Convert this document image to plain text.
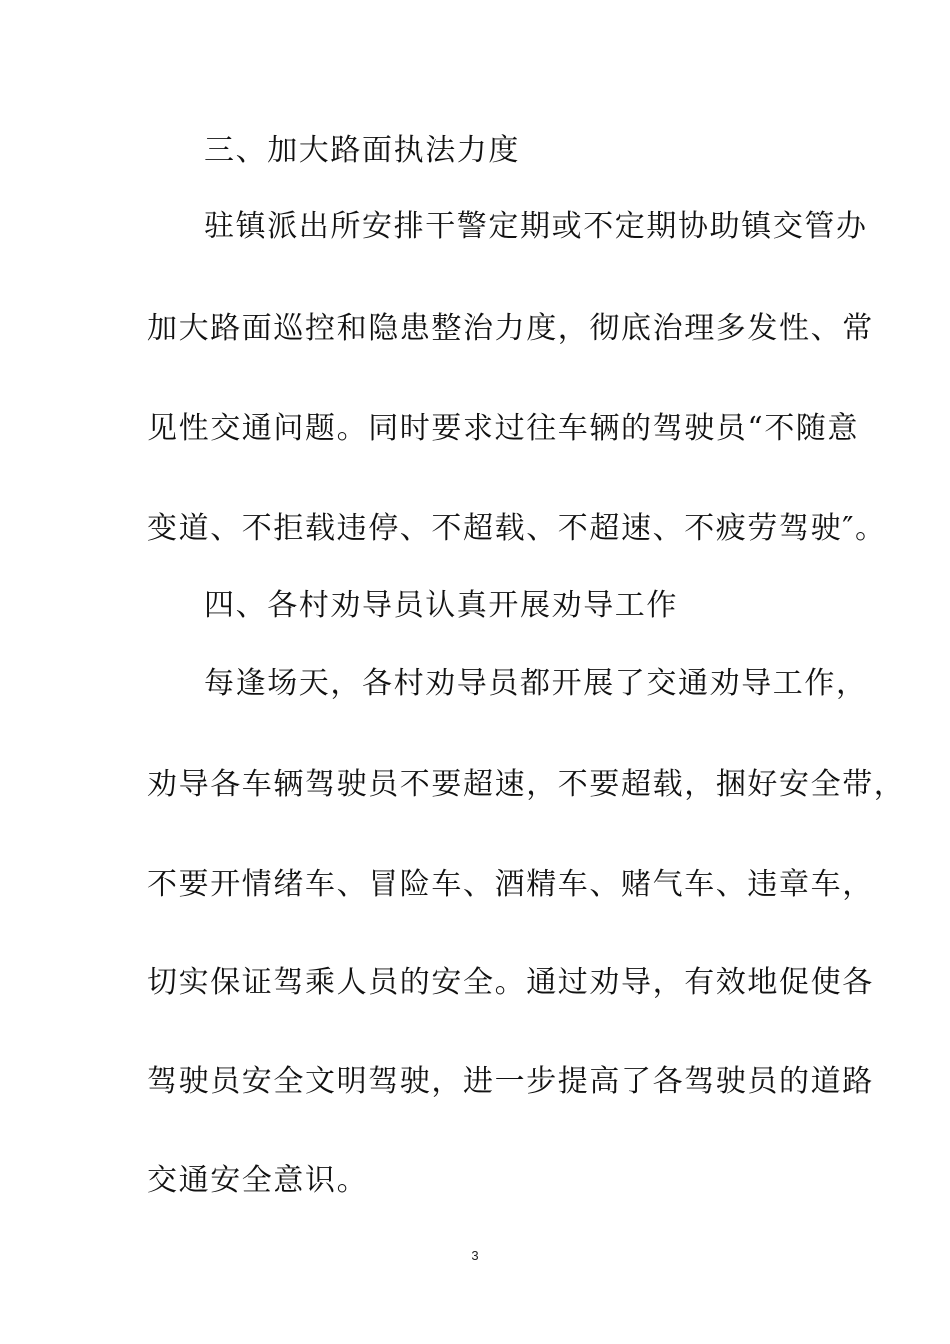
三、加大路面执法力度
驻镇派出所安排干警定期或不定期协助镇交管办
加大路面巡控和隐患整治力度，彻底治理多发性、常
见性交通问题。同时要求过往车辆的驾驶员“不随意
变道、不拒载违停、不超载、不超速、不疲劳驾驶″。
四、各村劝导员认真开展劝导工作
每逢场天，各村劝导员都开展了交通劝导工作，
劝导各车辆驾驶员不要超速，不要超载，捆好安全带，
不要开情绪车、冒险车、酒精车、赌气车、违章车，
切实保证驾乘人员的安全。通过劝导，有效地促使各
驾驶员安全文明驾驶，进一步提高了各驾驶员的道路
交通安全意识。
3
